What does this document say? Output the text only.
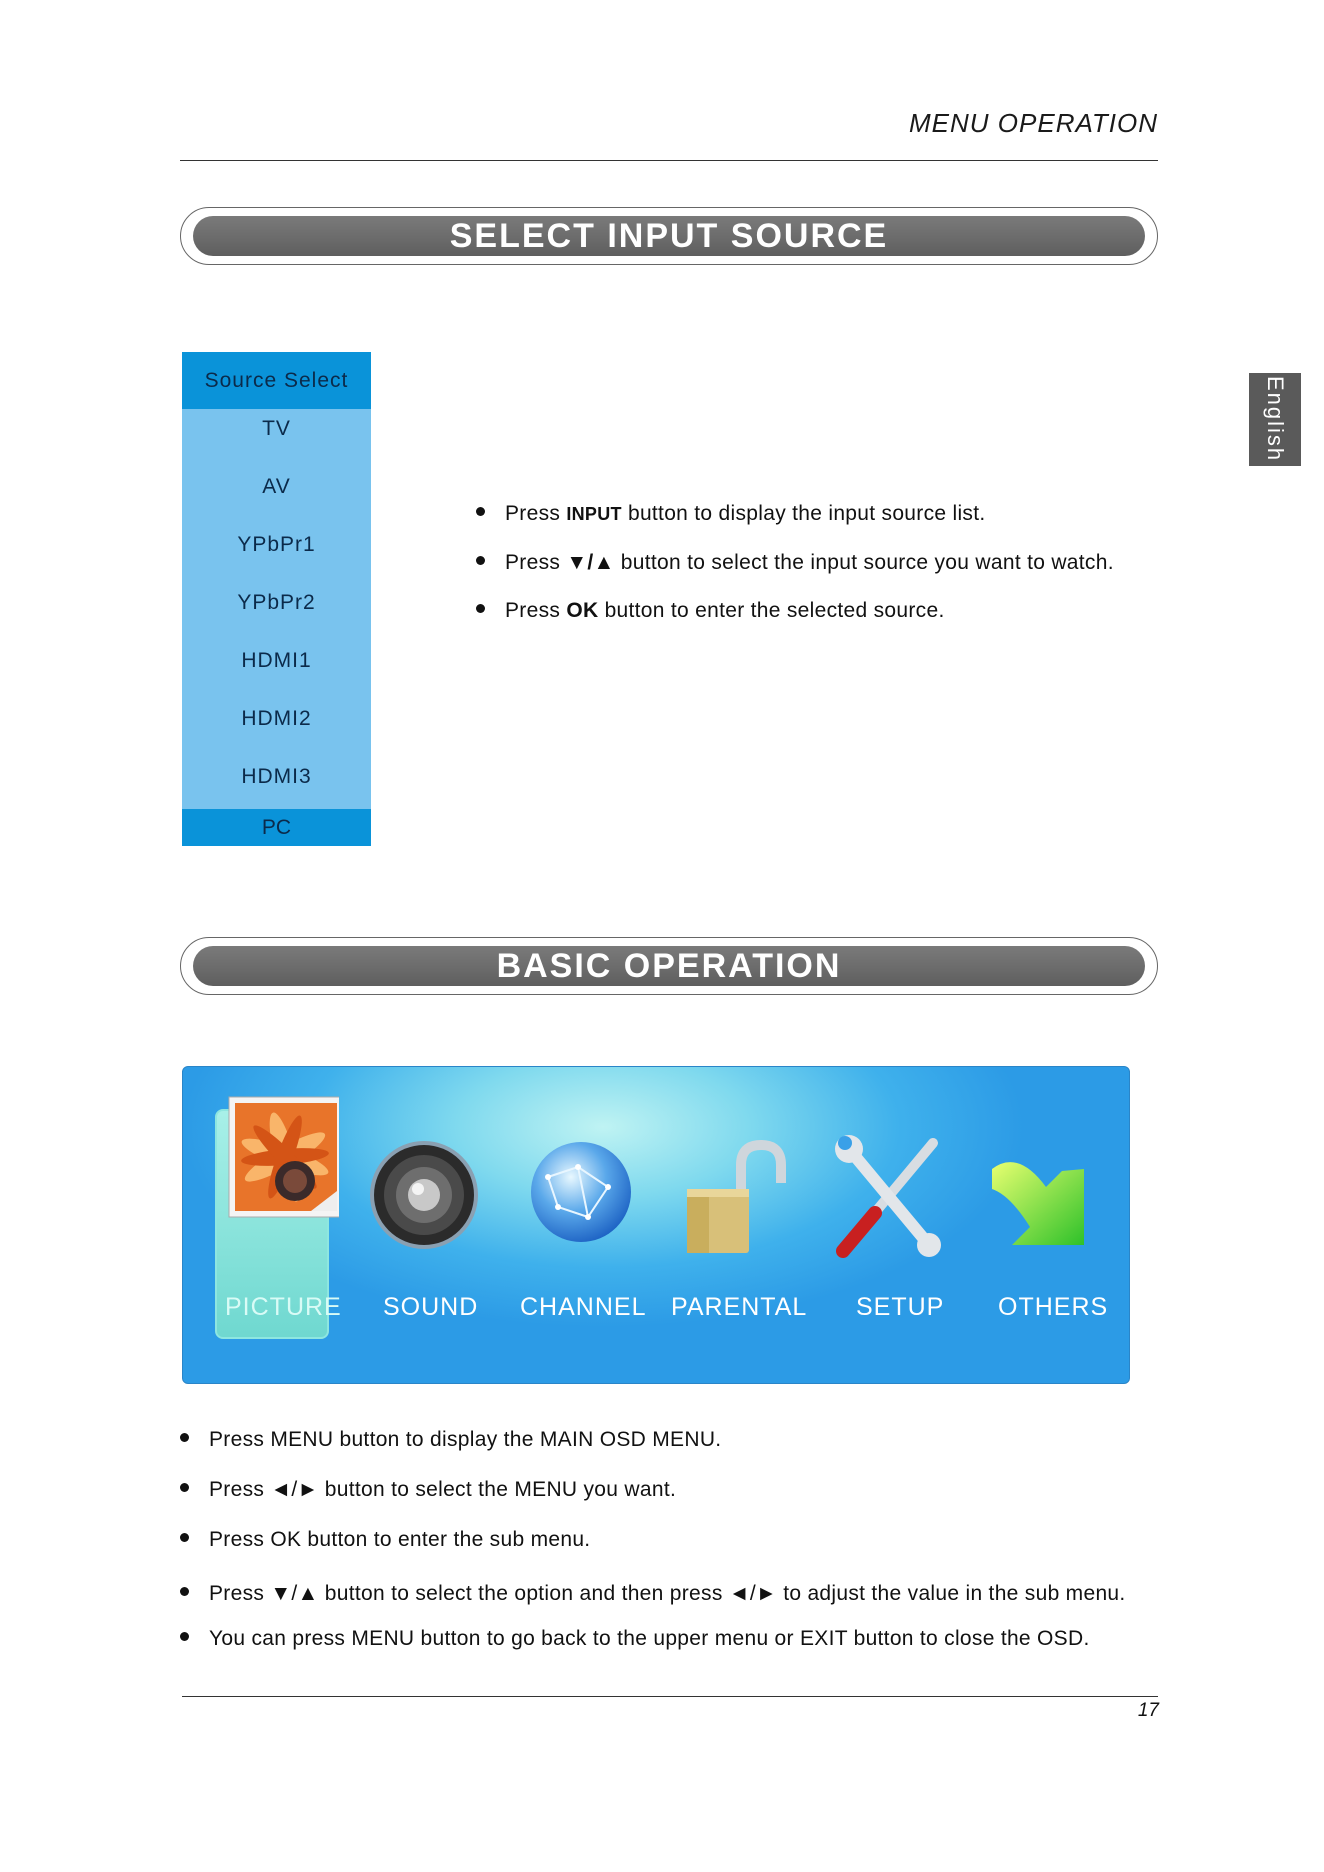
MENU OPERATION
English
SELECT INPUT SOURCE
Source Select
TV
AV
YPbPr1
YPbPr2
HDMI1
HDMI2
HDMI3
PC
Press INPUT button to display the input source list.
Press ▼/▲ button to select the input source you want to watch.
Press OK button to enter the selected source.
BASIC OPERATION
PICTURE SOUND CHANNEL PARENTAL SETUP OTHERS
Press MENU button to display the MAIN OSD MENU.
Press ◄/► button to select the MENU you want.
Press OK button to enter the sub menu.
Press ▼/▲ button to select the option and then press ◄/► to adjust the value in the sub menu.
You can press MENU button to go back to the upper menu or EXIT button to close the OSD.
17
